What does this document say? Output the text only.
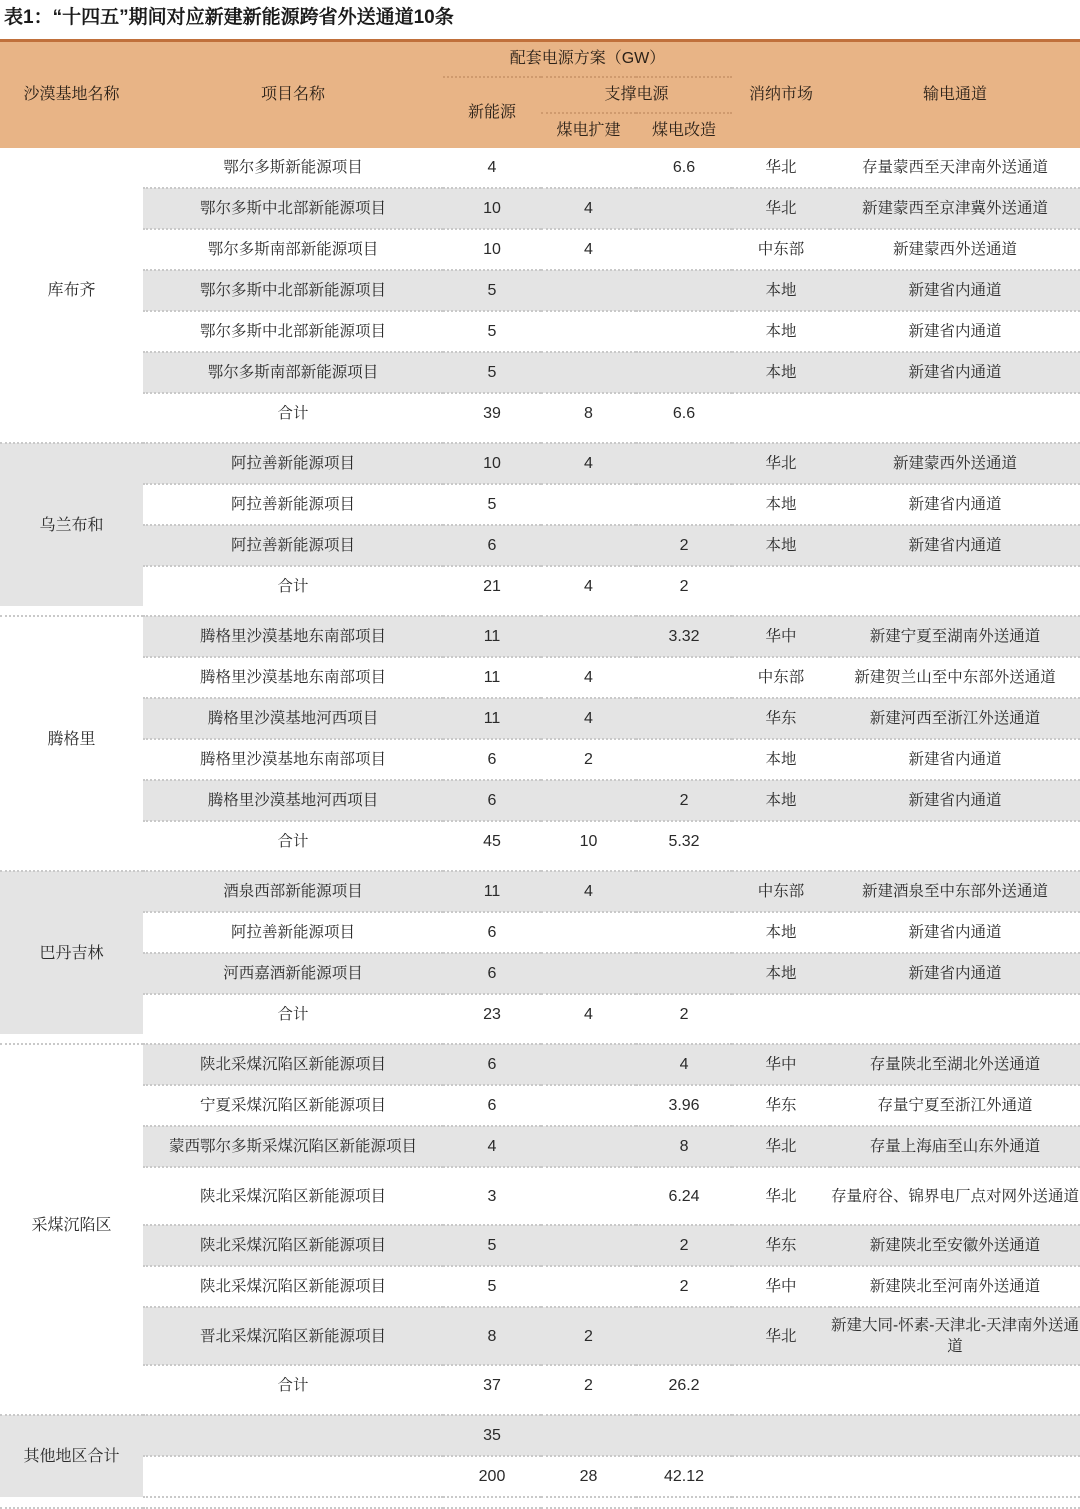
表1：“十四五”期间对应新建新能源跨省外送通道10条
沙漠基地名称	项目名称	配套电源方案（GW）			消纳市场	输电通道
		新能源	支撑电源			
			煤电扩建	煤电改造		
库布齐	鄂尔多斯新能源项目	4		6.6	华北	存量蒙西至天津南外送通道
	鄂尔多斯中北部新能源项目	10	4		华北	新建蒙西至京津冀外送通道
	鄂尔多斯南部新能源项目	10	4		中东部	新建蒙西外送通道
	鄂尔多斯中北部新能源项目	5			本地	新建省内通道
	鄂尔多斯中北部新能源项目	5			本地	新建省内通道
	鄂尔多斯南部新能源项目	5			本地	新建省内通道
	合计	39	8	6.6		

乌兰布和	阿拉善新能源项目	10	4		华北	新建蒙西外送通道
	阿拉善新能源项目	5			本地	新建省内通道
	阿拉善新能源项目	6		2	本地	新建省内通道
	合计	21	4	2		

腾格里	腾格里沙漠基地东南部项目	11		3.32	华中	新建宁夏至湖南外送通道
	腾格里沙漠基地东南部项目	11	4		中东部	新建贺兰山至中东部外送通道
	腾格里沙漠基地河西项目	11	4		华东	新建河西至浙江外送通道
	腾格里沙漠基地东南部项目	6	2		本地	新建省内通道
	腾格里沙漠基地河西项目	6		2	本地	新建省内通道
	合计	45	10	5.32		

巴丹吉林	酒泉西部新能源项目	11	4		中东部	新建酒泉至中东部外送通道
	阿拉善新能源项目	6			本地	新建省内通道
	河西嘉酒新能源项目	6			本地	新建省内通道
	合计	23	4	2		

采煤沉陷区	陕北采煤沉陷区新能源项目	6		4	华中	存量陕北至湖北外送通道
	宁夏采煤沉陷区新能源项目	6		3.96	华东	存量宁夏至浙江外通道
	蒙西鄂尔多斯采煤沉陷区新能源项目	4		8	华北	存量上海庙至山东外通道
	陕北采煤沉陷区新能源项目	3		6.24	华北	存量府谷、锦界电厂点对网外送通道
	陕北采煤沉陷区新能源项目	5		2	华东	新建陕北至安徽外送通道
	陕北采煤沉陷区新能源项目	5		2	华中	新建陕北至河南外送通道
	晋北采煤沉陷区新能源项目	8	2		华北	新建大同-怀素-天津北-天津南外送通道
	合计	37	2	26.2		

其他地区合计		35				
		200	28	42.12		
